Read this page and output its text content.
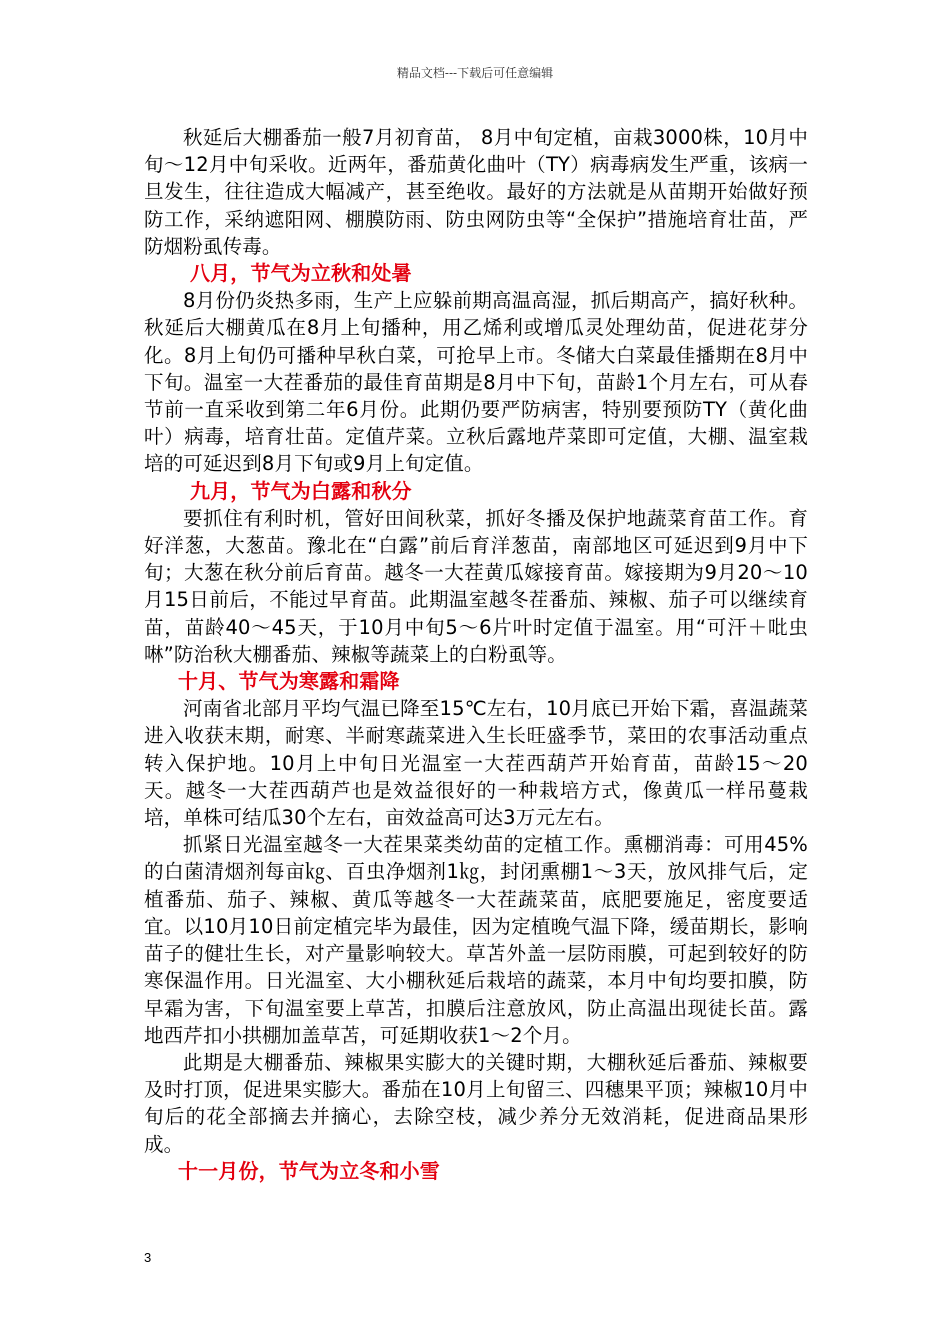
精品文档---下载后可任意编辑

秋延后大棚番茄一般7月初育苗， 8月中旬定植，亩栽3000株，10月中旬～12月中旬采收。近两年，番茄黄化曲叶（TY）病毒病发生严重，该病一旦发生，往往造成大幅减产，甚至绝收。最好的方法就是从苗期开始做好预防工作，采纳遮阳网、棚膜防雨、防虫网防虫等“全保护”措施培育壮苗，严防烟粉虱传毒。

八月，节气为立秋和处暑

8月份仍炎热多雨，生产上应躲前期高温高湿，抓后期高产，搞好秋种。秋延后大棚黄瓜在8月上旬播种，用乙烯利或增瓜灵处理幼苗，促进花芽分化。8月上旬仍可播种早秋白菜，可抢早上市。冬储大白菜最佳播期在8月中下旬。温室一大茬番茄的最佳育苗期是8月中下旬，苗龄1个月左右，可从春节前一直采收到第二年6月份。此期仍要严防病害，特别要预防TY（黄化曲叶）病毒，培育壮苗。定值芹菜。立秋后露地芹菜即可定值，大棚、温室栽培的可延迟到8月下旬或9月上旬定值。

九月，节气为白露和秋分

要抓住有利时机，管好田间秋菜，抓好冬播及保护地蔬菜育苗工作。育好洋葱，大葱苗。豫北在“白露”前后育洋葱苗，南部地区可延迟到9月中下旬；大葱在秋分前后育苗。越冬一大茬黄瓜嫁接育苗。嫁接期为9月20～10月15日前后，不能过早育苗。此期温室越冬茬番茄、辣椒、茄子可以继续育苗，苗龄40～45天，于10月中旬5～6片叶时定值于温室。用“可汗＋吡虫啉”防治秋大棚番茄、辣椒等蔬菜上的白粉虱等。

十月、节气为寒露和霜降

河南省北部月平均气温已降至15℃左右，10月底已开始下霜，喜温蔬菜进入收获末期，耐寒、半耐寒蔬菜进入生长旺盛季节，菜田的农事活动重点转入保护地。10月上中旬日光温室一大茬西葫芦开始育苗，苗龄15～20天。越冬一大茬西葫芦也是效益很好的一种栽培方式，像黄瓜一样吊蔓栽培，单株可结瓜30个左右，亩效益高可达3万元左右。

抓紧日光温室越冬一大茬果菜类幼苗的定植工作。熏棚消毒：可用45%的白菌清烟剂每亩㎏、百虫净烟剂1㎏，封闭熏棚1～3天，放风排气后，定植番茄、茄子、辣椒、黄瓜等越冬一大茬蔬菜苗，底肥要施足，密度要适宜。以10月10日前定植完毕为最佳，因为定植晚气温下降，缓苗期长，影响苗子的健壮生长，对产量影响较大。草苫外盖一层防雨膜，可起到较好的防寒保温作用。日光温室、大小棚秋延后栽培的蔬菜，本月中旬均要扣膜，防早霜为害，下旬温室要上草苫，扣膜后注意放风，防止高温出现徒长苗。露地西芹扣小拱棚加盖草苫，可延期收获1～2个月。

此期是大棚番茄、辣椒果实膨大的关键时期，大棚秋延后番茄、辣椒要及时打顶，促进果实膨大。番茄在10月上旬留三、四穗果平顶；辣椒10月中旬后的花全部摘去并摘心，去除空枝，减少养分无效消耗，促进商品果形成。

十一月份，节气为立冬和小雪

3
